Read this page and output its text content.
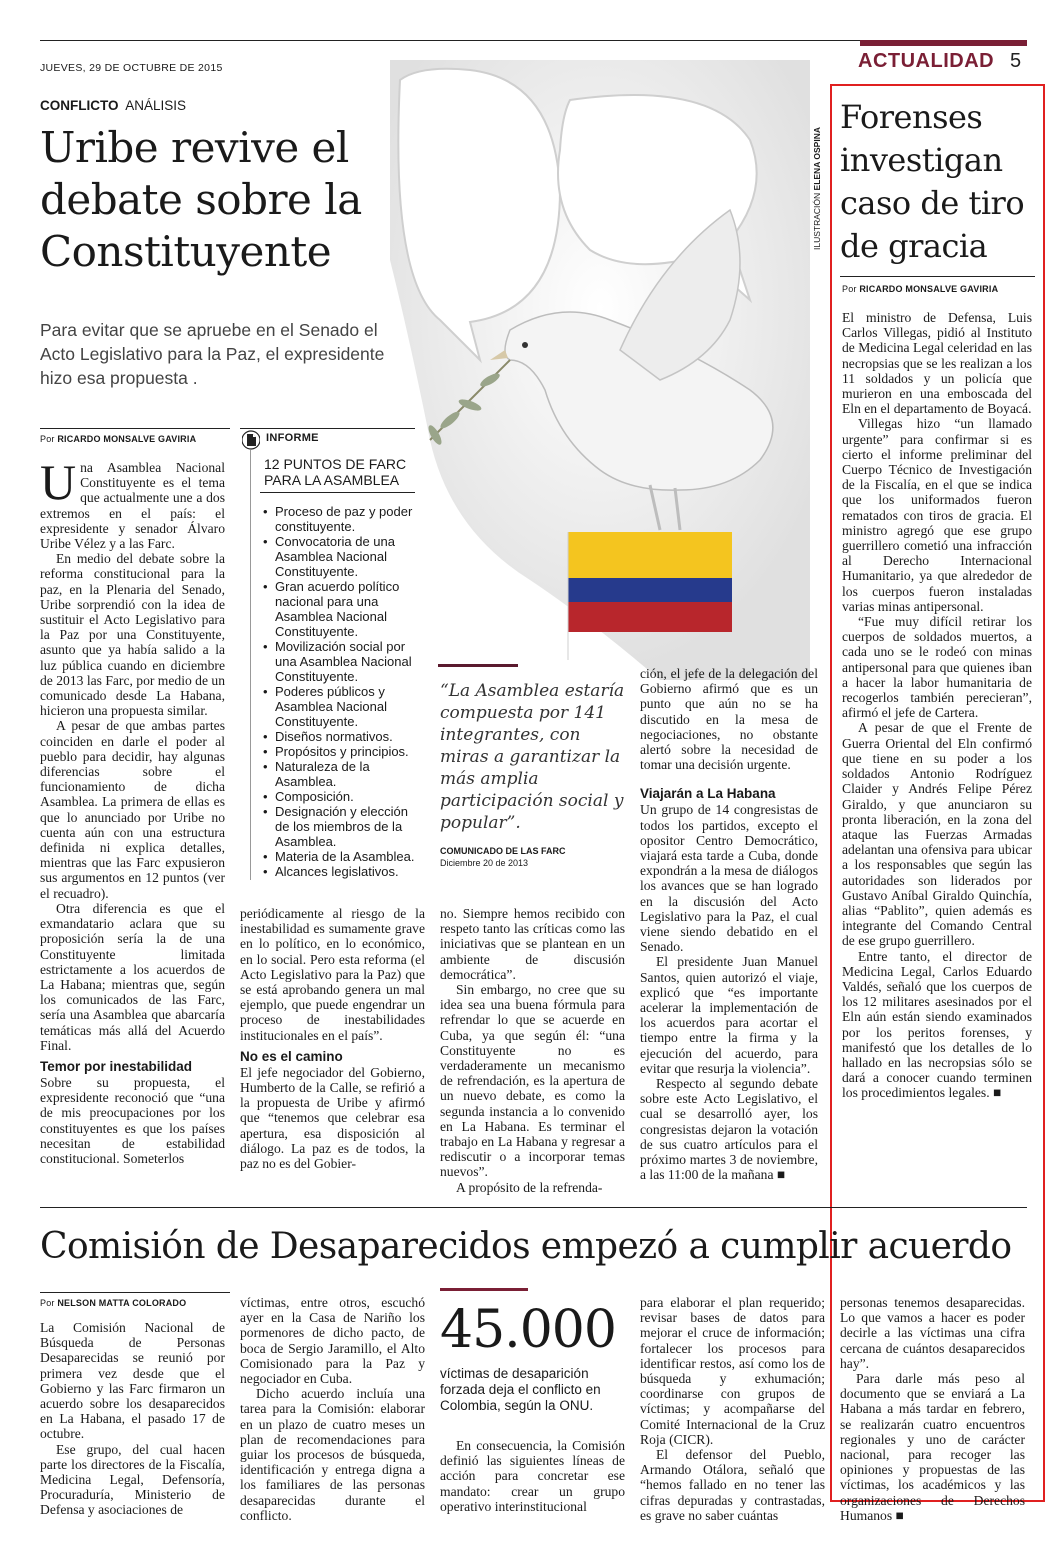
JUEVES, 29 DE OCTUBRE DE 2015	ACTUALIDAD 5
ILUSTRACIÓN ELENA OSPINA
CONFLICTO ANÁLISIS
Uribe revive el debate sobre la Constituyente
Para evitar que se apruebe en el Senado el Acto Legislativo para la Paz, el expresidente hizo esa propuesta .
Por RICARDO MONSALVE GAVIRIA

Una Asamblea Nacional Constituyente es el tema que actualmente une a dos extremos en el país: el expresidente y senador Álvaro Uribe Vélez y a las Farc.

En medio del debate sobre la reforma constitucional para la paz, en la Plenaria del Senado, Uribe sorprendió con la idea de sustituir el Acto Legislativo para la Paz por una Constituyente, asunto que ya había salido a la luz pública cuando en diciembre de 2013 las Farc, por medio de un comunicado desde La Habana, hicieron una propuesta similar.

A pesar de que ambas partes coinciden en darle el poder al pueblo para decidir, hay algunas diferencias sobre el funcionamiento de dicha Asamblea. La primera de ellas es que lo anunciado por Uribe no cuenta aún con una estructura definida ni explica detalles, mientras que las Farc expusieron sus argumentos en 12 puntos (ver el recuadro).

Otra diferencia es que el exmandatario aclara que su proposición sería la de una Constituyente limitada estrictamente a los acuerdos de La Habana; mientras que, según los comunicados de las Farc, sería una Asamblea que abarcaría temáticas más allá del Acuerdo Final.

Temor por inestabilidad

Sobre su propuesta, el expresidente reconoció que “una de mis preocupaciones por los constituyentes es que los países necesitan de estabilidad constitucional. Someterlos

INFORME
12 PUNTOS DE FARC PARA LA ASAMBLEA
• Proceso de paz y poder constituyente.
• Convocatoria de una Asamblea Nacional Constituyente.
• Gran acuerdo político nacional para una Asamblea Nacional Constituyente.
• Movilización social por una Asamblea Nacional Constituyente.
• Poderes públicos y Asamblea Nacional Constituyente.
• Diseños normativos.
• Propósitos y principios.
• Naturaleza de la Asamblea.
• Composición.
• Designación y elección de los miembros de la Asamblea.
• Materia de la Asamblea.
• Alcances legislativos.

periódicamente al riesgo de la inestabilidad es sumamente grave en lo político, en lo económico, en lo social. Pero esta reforma (el Acto Legislativo para la Paz) que se está aprobando genera un mal ejemplo, que puede engendrar un proceso de inestabilidades institucionales en el país”.

No es el camino

El jefe negociador del Gobierno, Humberto de la Calle, se refirió a la propuesta de Uribe y afirmó que “tenemos que celebrar esa apertura, esa disposición al diálogo. La paz es de todos, la paz no es del Gobier-

“La Asamblea estaría compuesta por 141 integrantes, con miras a garantizar la más amplia participación social y popular”.
COMUNICADO DE LAS FARC
Diciembre 20 de 2013

no. Siempre hemos recibido con respeto tanto las críticas como las iniciativas que se plantean en un ambiente de discusión democrática”.

Sin embargo, no cree que su idea sea una buena fórmula para refrendar lo que se acuerde en Cuba, ya que según él: “una Constituyente no es verdaderamente un mecanismo de refrendación, es la apertura de un nuevo debate, es como la segunda instancia a lo convenido en La Habana. Es terminar el trabajo en La Habana y regresar a rediscutir o a incorporar temas nuevos”.

A propósito de la refrenda-

ción, el jefe de la delegación del Gobierno afirmó que es un punto que aún no se ha discutido en la mesa de negociaciones, no obstante alertó sobre la necesidad de tomar una decisión urgente.

Viajarán a La Habana

Un grupo de 14 congresistas de todos los partidos, excepto el opositor Centro Democrático, viajará esta tarde a Cuba, donde expondrán a la mesa de diálogos los avances que se han logrado en la discusión del Acto Legislativo para la Paz, el cual viene siendo debatido en el Senado.

El presidente Juan Manuel Santos, quien autorizó el viaje, explicó que “es importante acelerar la implementación de los acuerdos para acortar el tiempo entre la firma y la ejecución del acuerdo, para evitar que resurja la violencia”.

Respecto al segundo debate sobre este Acto Legislativo, el cual se desarrolló ayer, los congresistas dejaron la votación de sus cuatro artículos para el próximo martes 3 de noviembre, a las 11:00 de la mañana ■

Forenses investigan caso de tiro de gracia
Por RICARDO MONSALVE GAVIRIA

El ministro de Defensa, Luis Carlos Villegas, pidió al Instituto de Medicina Legal celeridad en las necropsias que se les realizan a los 11 soldados y un policía que murieron en una emboscada del Eln en el departamento de Boyacá.

Villegas hizo “un llamado urgente” para confirmar si es cierto el informe preliminar del Cuerpo Técnico de Investigación de la Fiscalía, en el que se indica que los uniformados fueron rematados con tiros de gracia. El ministro agregó que ese grupo guerrillero cometió una infracción al Derecho Internacional Humanitario, ya que alrededor de los cuerpos fueron instaladas varias minas antipersonal.

“Fue muy difícil retirar los cuerpos de soldados muertos, a cada uno se le rodeó con minas antipersonal para que quienes iban a hacer la labor humanitaria de recogerlos también perecieran”, afirmó el jefe de Cartera.

A pesar de que el Frente de Guerra Oriental del Eln confirmó que tiene en su poder a los soldados Antonio Rodríguez Claider y Andrés Felipe Pérez Giraldo, y que anunciaron su pronta liberación, en la zona del ataque las Fuerzas Armadas adelantan una ofensiva para ubicar a los responsables que según las autoridades son liderados por Gustavo Aníbal Giraldo Quinchía, alias “Pablito”, quien además es integrante del Comando Central de ese grupo guerrillero.

Entre tanto, el director de Medicina Legal, Carlos Eduardo Valdés, señaló que los cuerpos de los 12 militares asesinados por el Eln aún están siendo examinados por los peritos forenses, y manifestó que los detalles de lo hallado en las necropsias sólo se dará a conocer cuando terminen los procedimientos legales. ■

Comisión de Desaparecidos empezó a cumplir acuerdo
Por NELSON MATTA COLORADO

La Comisión Nacional de Búsqueda de Personas Desaparecidas se reunió por primera vez desde que el Gobierno y las Farc firmaron un acuerdo sobre los desaparecidos en La Habana, el pasado 17 de octubre.

Ese grupo, del cual hacen parte los directores de la Fiscalía, Medicina Legal, Defensoría, Procuraduría, Ministerio de Defensa y asociaciones de

víctimas, entre otros, escuchó ayer en la Casa de Nariño los pormenores de dicho pacto, de boca de Sergio Jaramillo, el Alto Comisionado para la Paz y negociador en Cuba.

Dicho acuerdo incluía una tarea para la Comisión: elaborar en un plazo de cuatro meses un plan de recomendaciones para guiar los procesos de búsqueda, identificación y entrega digna a los familiares de las personas desaparecidas durante el conflicto.

45.000
víctimas de desaparición forzada deja el conflicto en Colombia, según la ONU.

En consecuencia, la Comisión definió las siguientes líneas de acción para concretar ese mandato: crear un grupo operativo interinstitucional

para elaborar el plan requerido; revisar bases de datos para mejorar el cruce de información; fortalecer los procesos para identificar restos, así como los de búsqueda y exhumación; coordinarse con grupos de víctimas; y acompañarse del Comité Internacional de la Cruz Roja (CICR).

El defensor del Pueblo, Armando Otálora, señaló que “hemos fallado en no tener las cifras depuradas y contrastadas, es grave no saber cuántas

personas tenemos desaparecidas. Lo que vamos a hacer es poder decirle a las víctimas una cifra cercana de cuántos desaparecidos hay”.

Para darle más peso al documento que se enviará a La Habana a más tardar en febrero, se realizarán cuatro encuentros regionales y uno de carácter nacional, para recoger las opiniones y propuestas de las víctimas, los académicos y las organizaciones de Derechos Humanos ■
